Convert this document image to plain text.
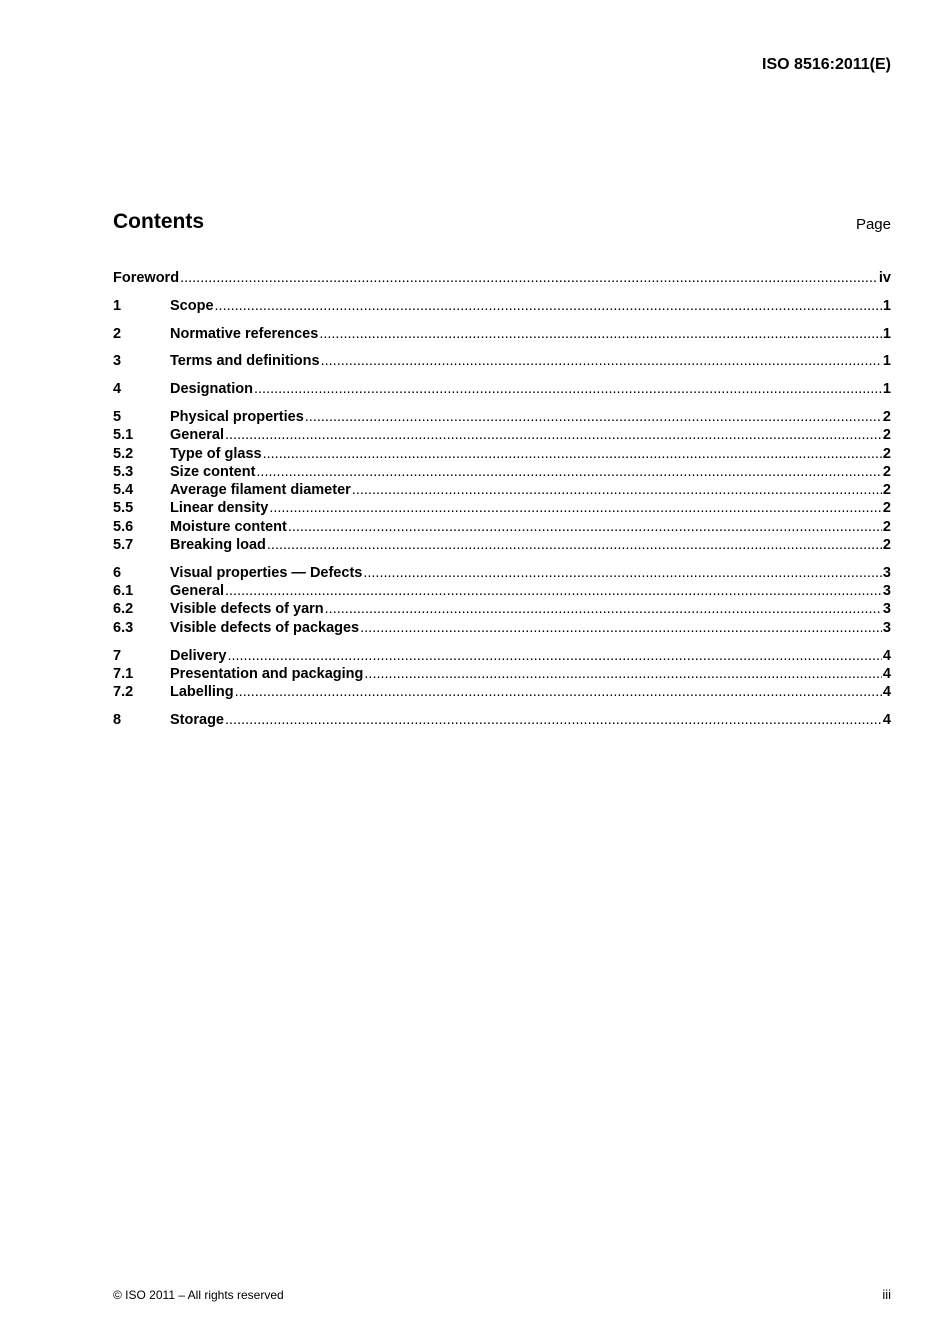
ISO 8516:2011(E)
Contents	Page
Foreword .....	iv
1	Scope .....	1
2	Normative references .....	1
3	Terms and definitions .....	1
4	Designation .....	1
5	Physical properties .....	2
5.1	General .....	2
5.2	Type of glass .....	2
5.3	Size content .....	2
5.4	Average filament diameter .....	2
5.5	Linear density .....	2
5.6	Moisture content .....	2
5.7	Breaking load .....	2
6	Visual properties — Defects .....	3
6.1	General .....	3
6.2	Visible defects of yarn .....	3
6.3	Visible defects of packages .....	3
7	Delivery .....	4
7.1	Presentation and packaging .....	4
7.2	Labelling .....	4
8	Storage .....	4
© ISO 2011 – All rights reserved	iii
